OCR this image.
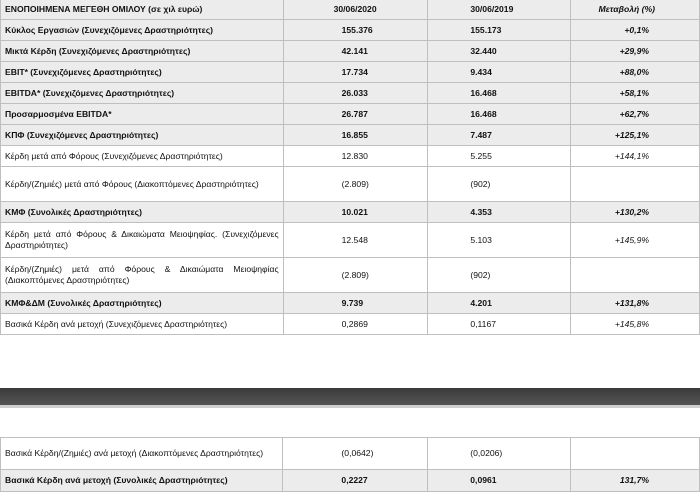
ΕΝΟΠΟΙΗΜΕΝΑ ΜΕΓΕΘΗ ΟΜΙΛΟΥ (σε χιλ ευρώ)	30/06/2020	30/06/2019	Μεταβολή (%)
Κύκλος Εργασιών (Συνεχιζόμενες Δραστηριότητες)	155.376	155.173	+0,1%
Μικτά Κέρδη (Συνεχιζόμενες Δραστηριότητες)	42.141	32.440	+29,9%
EBIT* (Συνεχιζόμενες Δραστηριότητες)	17.734	9.434	+88,0%
EBITDA* (Συνεχιζόμενες Δραστηριότητες)	26.033	16.468	+58,1%
Προσαρμοσμένα EBITDA*	26.787	16.468	+62,7%
ΚΠΦ (Συνεχιζόμενες Δραστηριότητες)	16.855	7.487	+125,1%
Κέρδη μετά από Φόρους (Συνεχιζόμενες Δραστηριότητες)	12.830	5.255	+144,1%
Κέρδη/(Ζημιές) μετά από Φόρους (Διακοπτόμενες Δραστηριότητες)	(2.809)	(902)	
ΚΜΦ (Συνολικές Δραστηριότητες)	10.021	4.353	+130,2%
Κέρδη μετά από Φόρους & Δικαιώματα Μειοψηφίας. (Συνεχιζόμενες Δραστηριότητες)	12.548	5.103	+145,9%
Κέρδη/(Ζημιές) μετά από Φόρους & Δικαιώματα Μειοψηφίας (Διακοπτόμενες Δραστηριότητες)	(2.809)	(902)	
ΚΜΦ&ΔΜ (Συνολικές Δραστηριότητες)	9.739	4.201	+131,8%
Βασικά Κέρδη ανά μετοχή (Συνεχιζόμενες Δραστηριότητες)	0,2869	0,1167	+145,8%
Βασικά Κέρδη/(Ζημιές) ανά μετοχή (Διακοπτόμενες Δραστηριότητες)	(0,0642)	(0,0206)	
Βασικά Κέρδη ανά μετοχή (Συνολικές Δραστηριότητες)	0,2227	0,0961	131,7%
